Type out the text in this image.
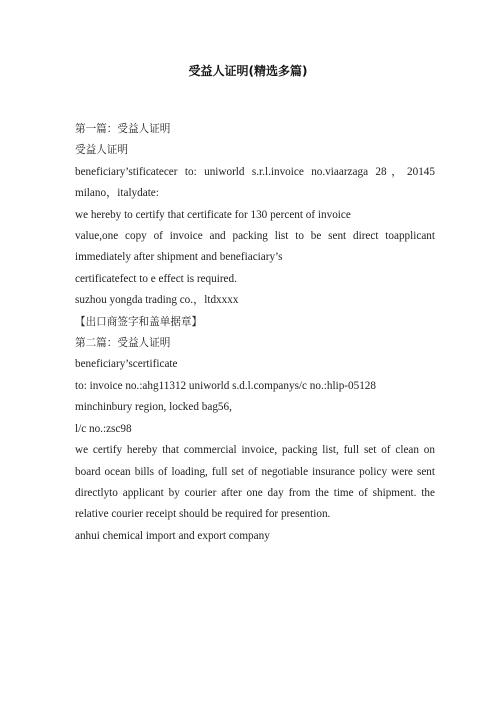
受益人证明(精选多篇)

第一篇：受益人证明

受益人证明

beneficiary’stificatecer to: uniworld s.r.l.invoice no.viaarzaga 28，20145 milano，italydate:

we hereby to certify that certificate for 130 percent of invoice

value,one copy of invoice and packing list to be sent direct toapplicant immediately after shipment and benefiaciary’s

certificatefect to e effect is required.

suzhou yongda trading co.，ltdxxxx

【出口商签字和盖单据章】

第二篇：受益人证明

beneficiary’scertificate

to: invoice no.:ahg11312 uniworld s.d.l.companys/c no.:hlip-05128 minchinbury region, locked bag56,

l/c no.:zsc98

we certify hereby that commercial invoice, packing list, full set of clean on board ocean bills of loading, full set of negotiable insurance policy were sent directlyto applicant by courier after one day from the time of shipment. the relative courier receipt should be required for presention.

anhui chemical import and export company
